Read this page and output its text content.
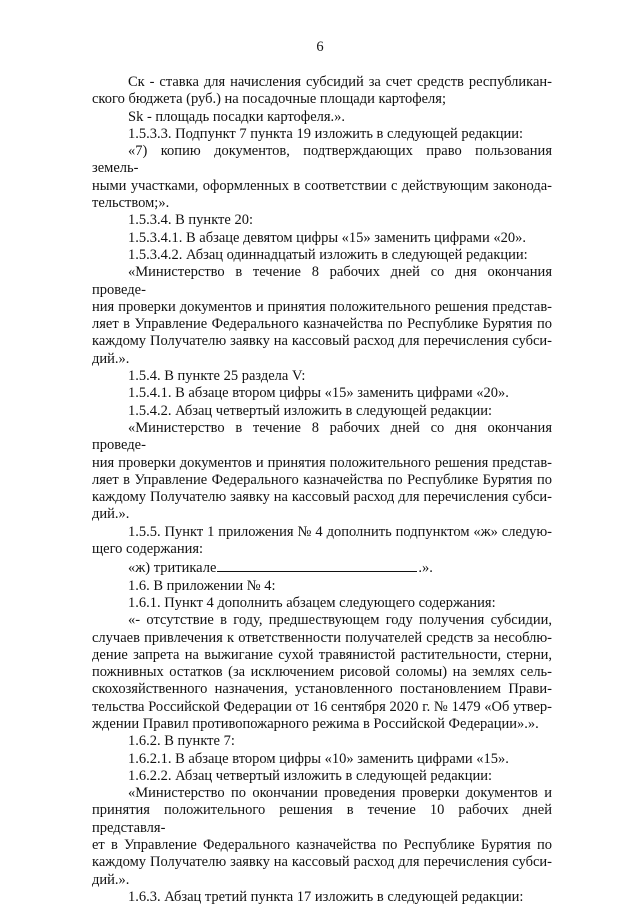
6

Ск - ставка для начисления субсидий за счет средств республикан-

ского бюджета (руб.) на посадочные площади картофеля;

Sk - площадь посадки картофеля.».

1.5.3.3. Подпункт 7 пункта 19 изложить в следующей редакции:

«7) копию документов, подтверждающих право пользования земель-

ными участками, оформленных в соответствии с действующим законода-

тельством;».

1.5.3.4. В пункте 20:

1.5.3.4.1. В абзаце девятом цифры «15» заменить цифрами «20».

1.5.3.4.2. Абзац одиннадцатый изложить в следующей редакции:

«Министерство в течение 8 рабочих дней со дня окончания проведе-

ния проверки документов и принятия положительного решения представ-

ляет в Управление Федерального казначейства по Республике Бурятия по

каждому Получателю заявку на кассовый расход для перечисления субси-

дий.».

1.5.4. В пункте 25 раздела V:

1.5.4.1. В абзаце втором цифры «15» заменить цифрами «20».

1.5.4.2. Абзац четвертый изложить в следующей редакции:

«Министерство в течение 8 рабочих дней со дня окончания проведе-

ния проверки документов и принятия положительного решения представ-

ляет в Управление Федерального казначейства по Республике Бурятия по

каждому Получателю заявку на кассовый расход для перечисления субси-

дий.».

1.5.5. Пункт 1 приложения № 4 дополнить подпунктом «ж» следую-

щего содержания:

«ж) тритикале	.».

1.6. В приложении № 4:

1.6.1. Пункт 4 дополнить абзацем следующего содержания:

«- отсутствие в году, предшествующем году получения субсидии,

случаев привлечения к ответственности получателей средств за несоблю-

дение запрета на выжигание сухой травянистой растительности, стерни,

пожнивных остатков (за исключением рисовой соломы) на землях сель-

скохозяйственного назначения, установленного постановлением Прави-

тельства Российской Федерации от 16 сентября 2020 г. № 1479 «Об утвер-

ждении Правил противопожарного режима в Российской Федерации».».

1.6.2. В пункте 7:

1.6.2.1. В абзаце втором цифры «10» заменить цифрами «15».

1.6.2.2. Абзац четвертый изложить в следующей редакции:

«Министерство по окончании проведения проверки документов и

принятия положительного решения в течение 10 рабочих дней представля-

ет в Управление Федерального казначейства по Республике Бурятия по

каждому Получателю заявку на кассовый расход для перечисления субси-

дий.».

1.6.3. Абзац третий пункта 17 изложить в следующей редакции:
